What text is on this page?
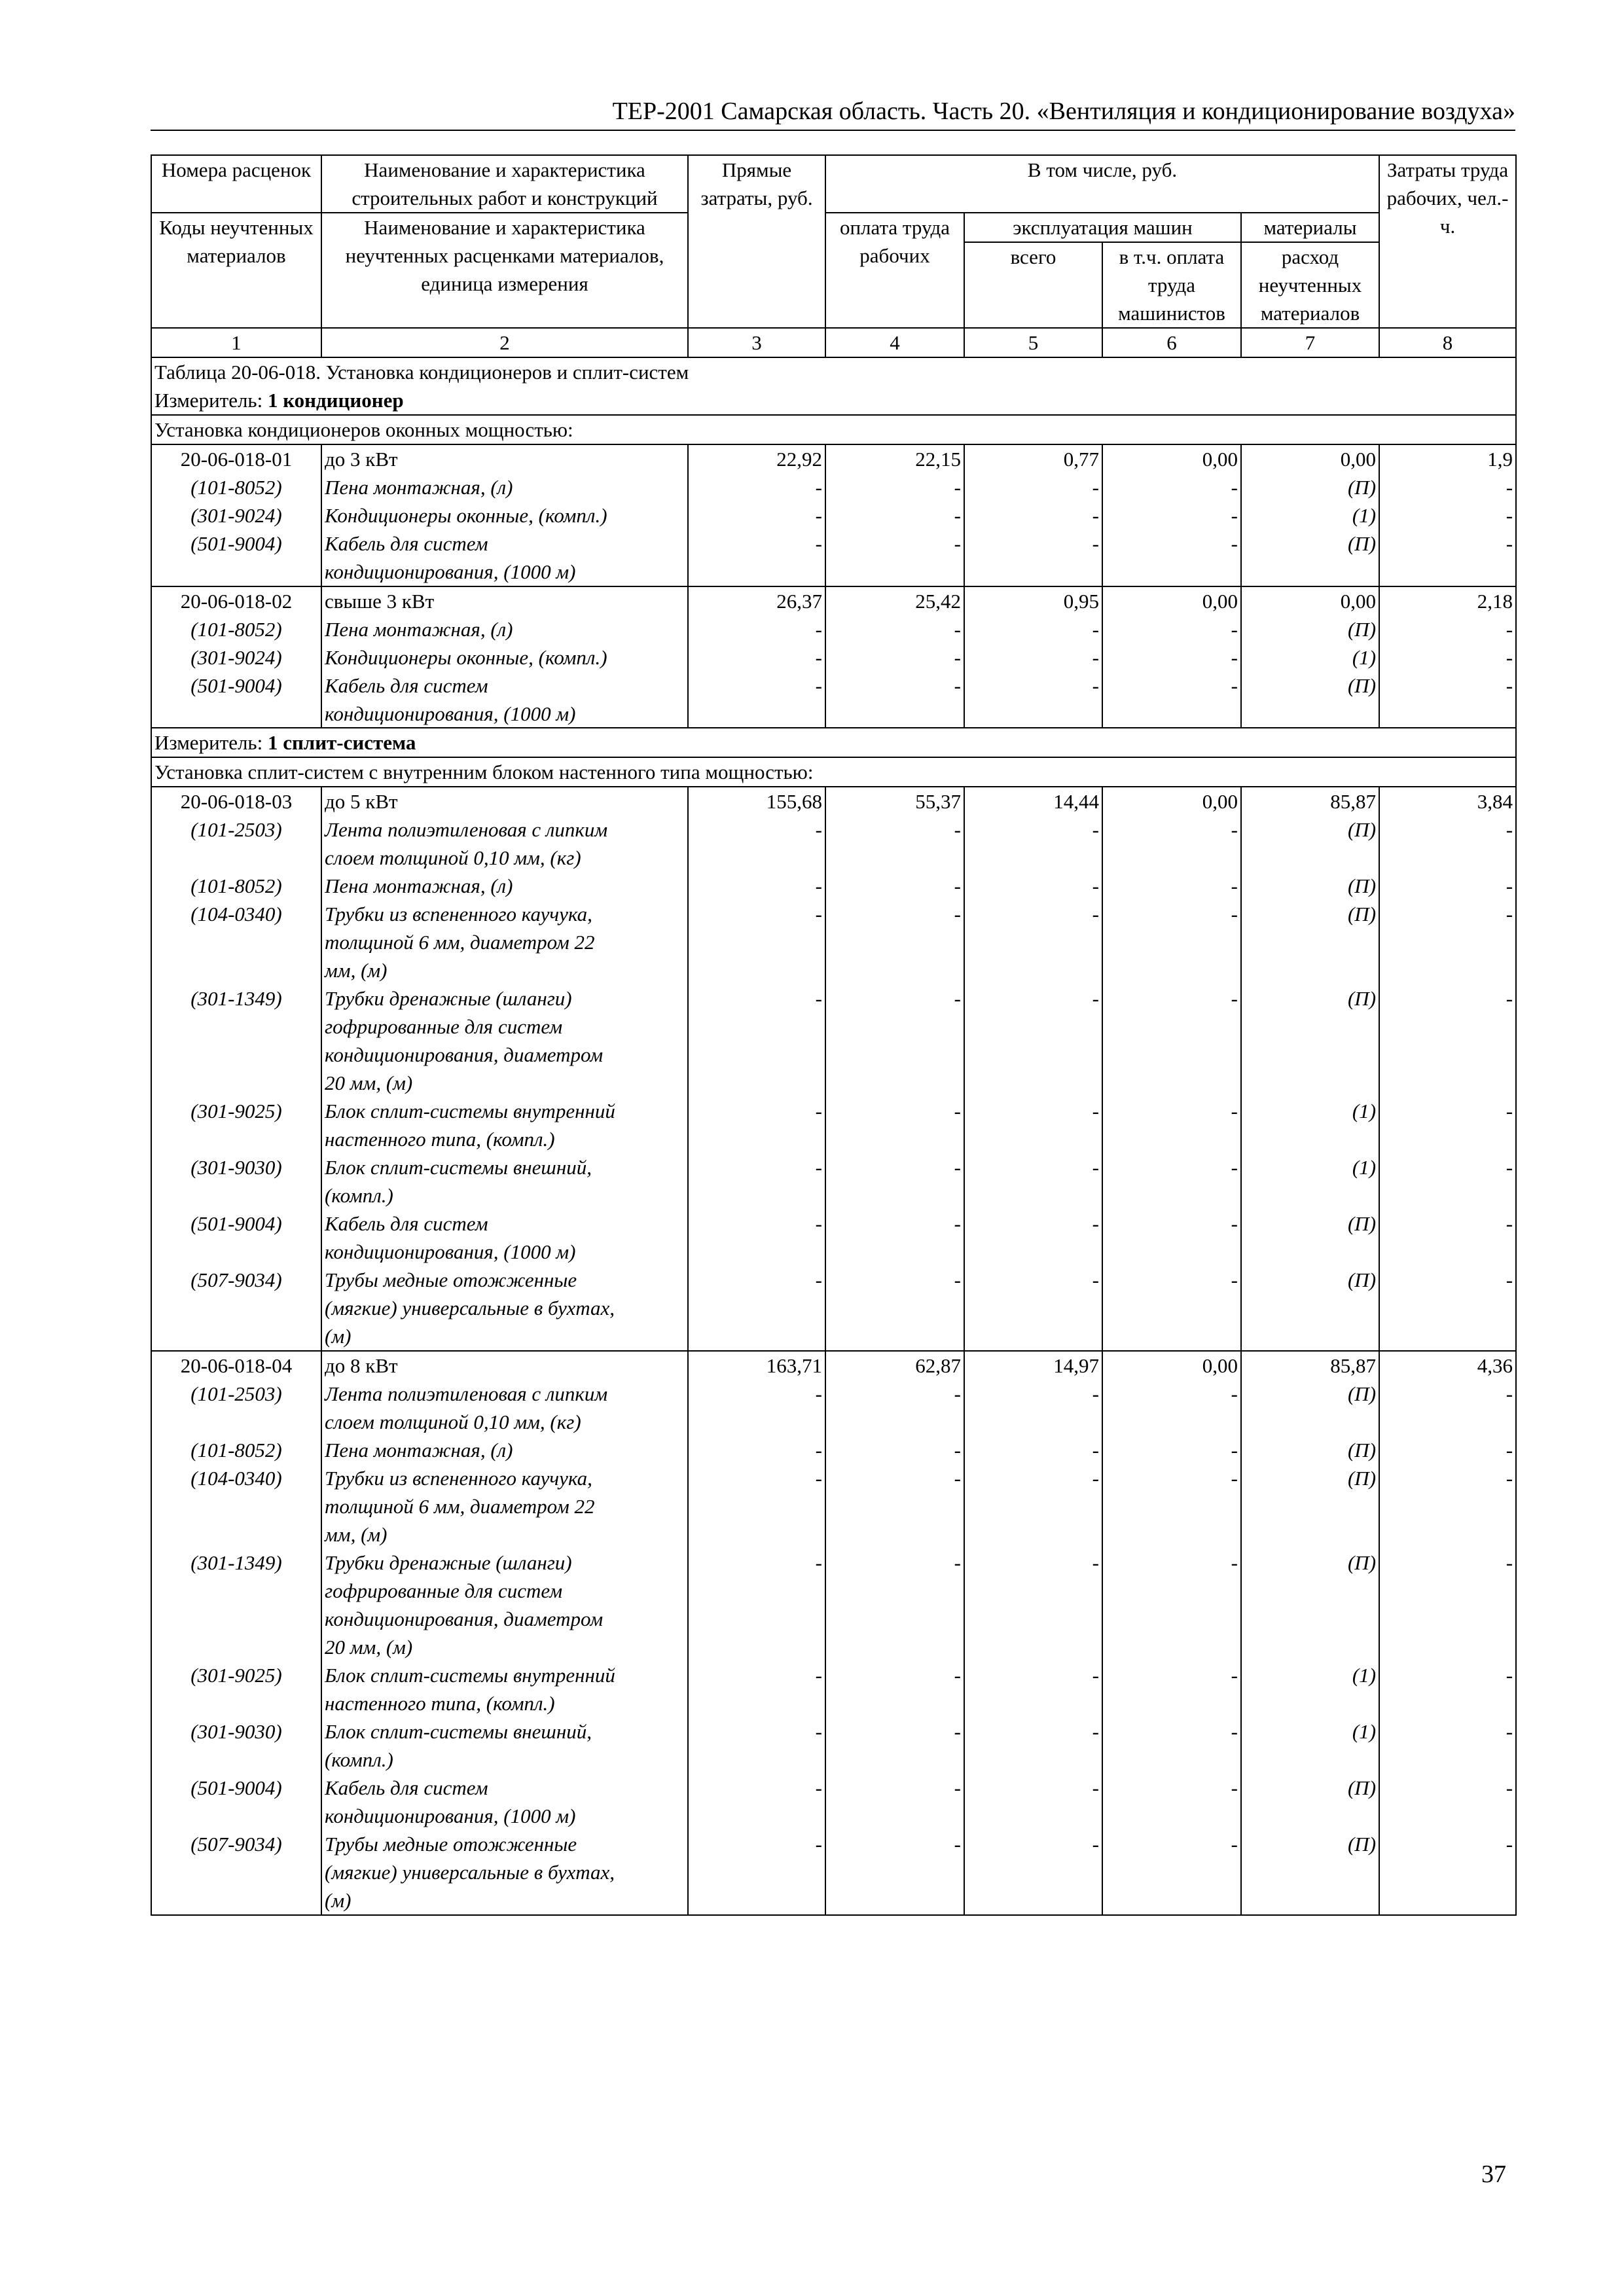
ТЕР-2001 Самарская область. Часть 20. «Вентиляция и кондиционирование воздуха»
Номера расценок	Наименование и характеристика строительных работ и конструкций	Прямые затраты, руб.	В том числе, руб.				Затраты труда рабочих, чел.-ч.
Коды неучтенных материалов	Наименование и характеристика неучтенных расценками материалов, единица измерения		оплата труда рабочих	эксплуатация машин		материалы	
				всего	в т.ч. оплата труда машинистов	расход неучтенных материалов	

1	2	3	4	5	6	7	8
Таблица 20-06-018. Установка кондиционеров и сплит-систем							
Измеритель: 1 кондиционер							
Установка кондиционеров оконных мощностью:							
20-06-018-01	до 3 кВт	22,92	22,15	0,77	0,00	0,00	1,9
(101-8052)	Пена монтажная, (л)	-	-	-	-	(П)	-
(301-9024)	Кондиционеры оконные, (компл.)	-	-	-	-	(1)	-
(501-9004)	Кабель для систем	-	-	-	-	(П)	-
	кондиционирования, (1000 м)						
20-06-018-02	свыше 3 кВт	26,37	25,42	0,95	0,00	0,00	2,18
(101-8052)	Пена монтажная, (л)	-	-	-	-	(П)	-
(301-9024)	Кондиционеры оконные, (компл.)	-	-	-	-	(1)	-
(501-9004)	Кабель для систем	-	-	-	-	(П)	-
	кондиционирования, (1000 м)						

Измеритель: 1 сплит-система							
Установка сплит-систем с внутренним блоком настенного типа мощностью:							
20-06-018-03	до 5 кВт	155,68	55,37	14,44	0,00	85,87	3,84
(101-2503)	Лента полиэтиленовая с липким	-	-	-	-	(П)	-
	слоем толщиной 0,10 мм, (кг)						
(101-8052)	Пена монтажная, (л)	-	-	-	-	(П)	-
(104-0340)	Трубки из вспененного каучука,	-	-	-	-	(П)	-
	толщиной 6 мм, диаметром 22						
	мм, (м)						
(301-1349)	Трубки дренажные (шланги)	-	-	-	-	(П)	-
	гофрированные для систем						
	кондиционирования, диаметром						
	20 мм, (м)						
(301-9025)	Блок сплит-системы внутренний	-	-	-	-	(1)	-
	настенного типа, (компл.)						
(301-9030)	Блок сплит-системы внешний,	-	-	-	-	(1)	-
	(компл.)						
(501-9004)	Кабель для систем	-	-	-	-	(П)	-
	кондиционирования, (1000 м)						
(507-9034)	Трубы медные отожженные	-	-	-	-	(П)	-
	(мягкие) универсальные в бухтах,						
	(м)						
20-06-018-04	до 8 кВт	163,71	62,87	14,97	0,00	85,87	4,36
(101-2503)	Лента полиэтиленовая с липким	-	-	-	-	(П)	-
	слоем толщиной 0,10 мм, (кг)						
(101-8052)	Пена монтажная, (л)	-	-	-	-	(П)	-
(104-0340)	Трубки из вспененного каучука,	-	-	-	-	(П)	-
	толщиной 6 мм, диаметром 22						
	мм, (м)						
(301-1349)	Трубки дренажные (шланги)	-	-	-	-	(П)	-
	гофрированные для систем						
	кондиционирования, диаметром						
	20 мм, (м)						
(301-9025)	Блок сплит-системы внутренний	-	-	-	-	(1)	-
	настенного типа, (компл.)						
(301-9030)	Блок сплит-системы внешний,	-	-	-	-	(1)	-
	(компл.)						
(501-9004)	Кабель для систем	-	-	-	-	(П)	-
	кондиционирования, (1000 м)						
(507-9034)	Трубы медные отожженные	-	-	-	-	(П)	-
	(мягкие) универсальные в бухтах,						
	(м)						

37
